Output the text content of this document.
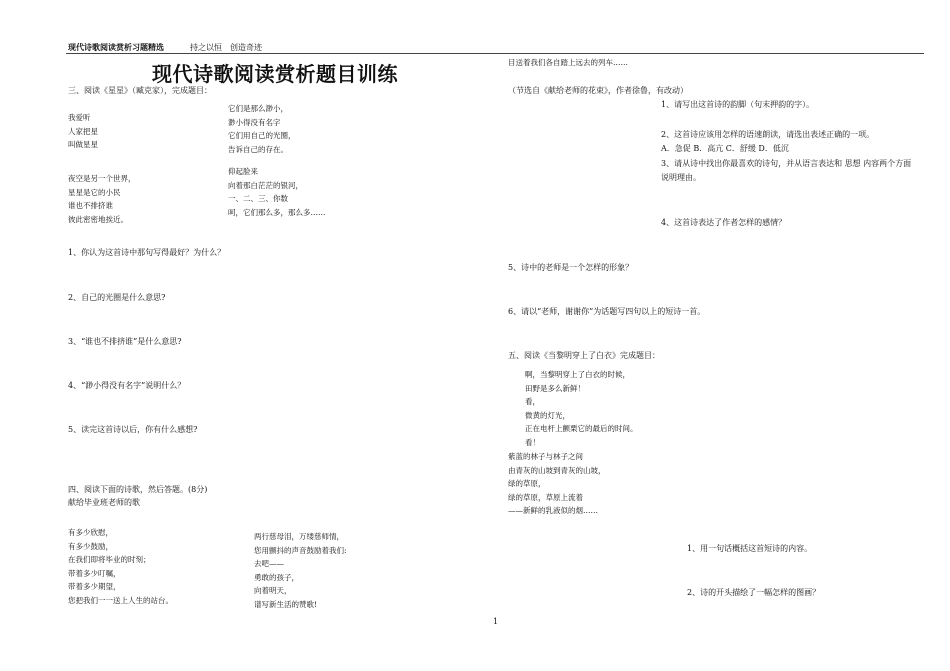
现代诗歌阅读赏析习题精选	持之以恒 创造奇迹
现代诗歌阅读赏析题目训练
三、阅读《星星》（臧克家），完成题目：
我爱听
人家把星
叫做星星
夜空是另一个世界，
星星是它的小民
谁也不排挤谁
彼此密密地挨近。
它们是那么渺小，
渺小得没有名字
它们用自己的光圈，
告诉自己的存在。
仰起脸来
向着那白茫茫的银河，
一、二、三、你数
呵，它们那么多，那么多……
1、你认为这首诗中那句写得最好？为什么？
2、自己的光圈是什么意思?
3、“谁也不排挤谁”是什么意思?
4、“渺小得没有名字”说明什么？
5、读完这首诗以后，你有什么感想?
四、阅读下面的诗歌，然后答题。(8分)
献给毕业班老师的歌
有多少欣慰，
有多少鼓励，
在我们即将毕业的时刻；
带着多少叮嘱，
带着多少期望，
您把我们一一送上人生的站台。
两行慈母泪，万缕慈师情，
您用颤抖的声音鼓励着我们:
去吧——
勇敢的孩子，
向着明天，
谱写新生活的赞歌!
目送着我们各自踏上远去的列车……
（节选自《献给老师的花束》，作者徐鲁，有改动）
1、请写出这首诗的韵脚（句末押韵的字）。
2、这首诗应该用怎样的语速朗读，请选出表述正确的一项。
A．急促 B．高亢 C．舒缓 D．低沉
3、请从诗中找出你最喜欢的诗句，并从语言表达和 思想 内容两个方面
说明理由。
4、这首诗表达了作者怎样的感情？
5、诗中的老师是一个怎样的形象？
6、请以“老师，谢谢你”为话题写四句以上的短诗一首。
五、阅读《当黎明穿上了白衣》完成题目：
啊，当黎明穿上了白衣的时候，
田野是多么新鲜！
看，
微黄的灯光，
正在电杆上颤栗它的最后的时间。
看！
紫蓝的林子与林子之间
由青灰的山坡到青灰的山坡，
绿的草原，
绿的草原，草原上流着
——新鲜的乳液似的烟……
1、用一句话概括这首短诗的内容。
2、诗的开头描绘了一幅怎样的图画？
1
